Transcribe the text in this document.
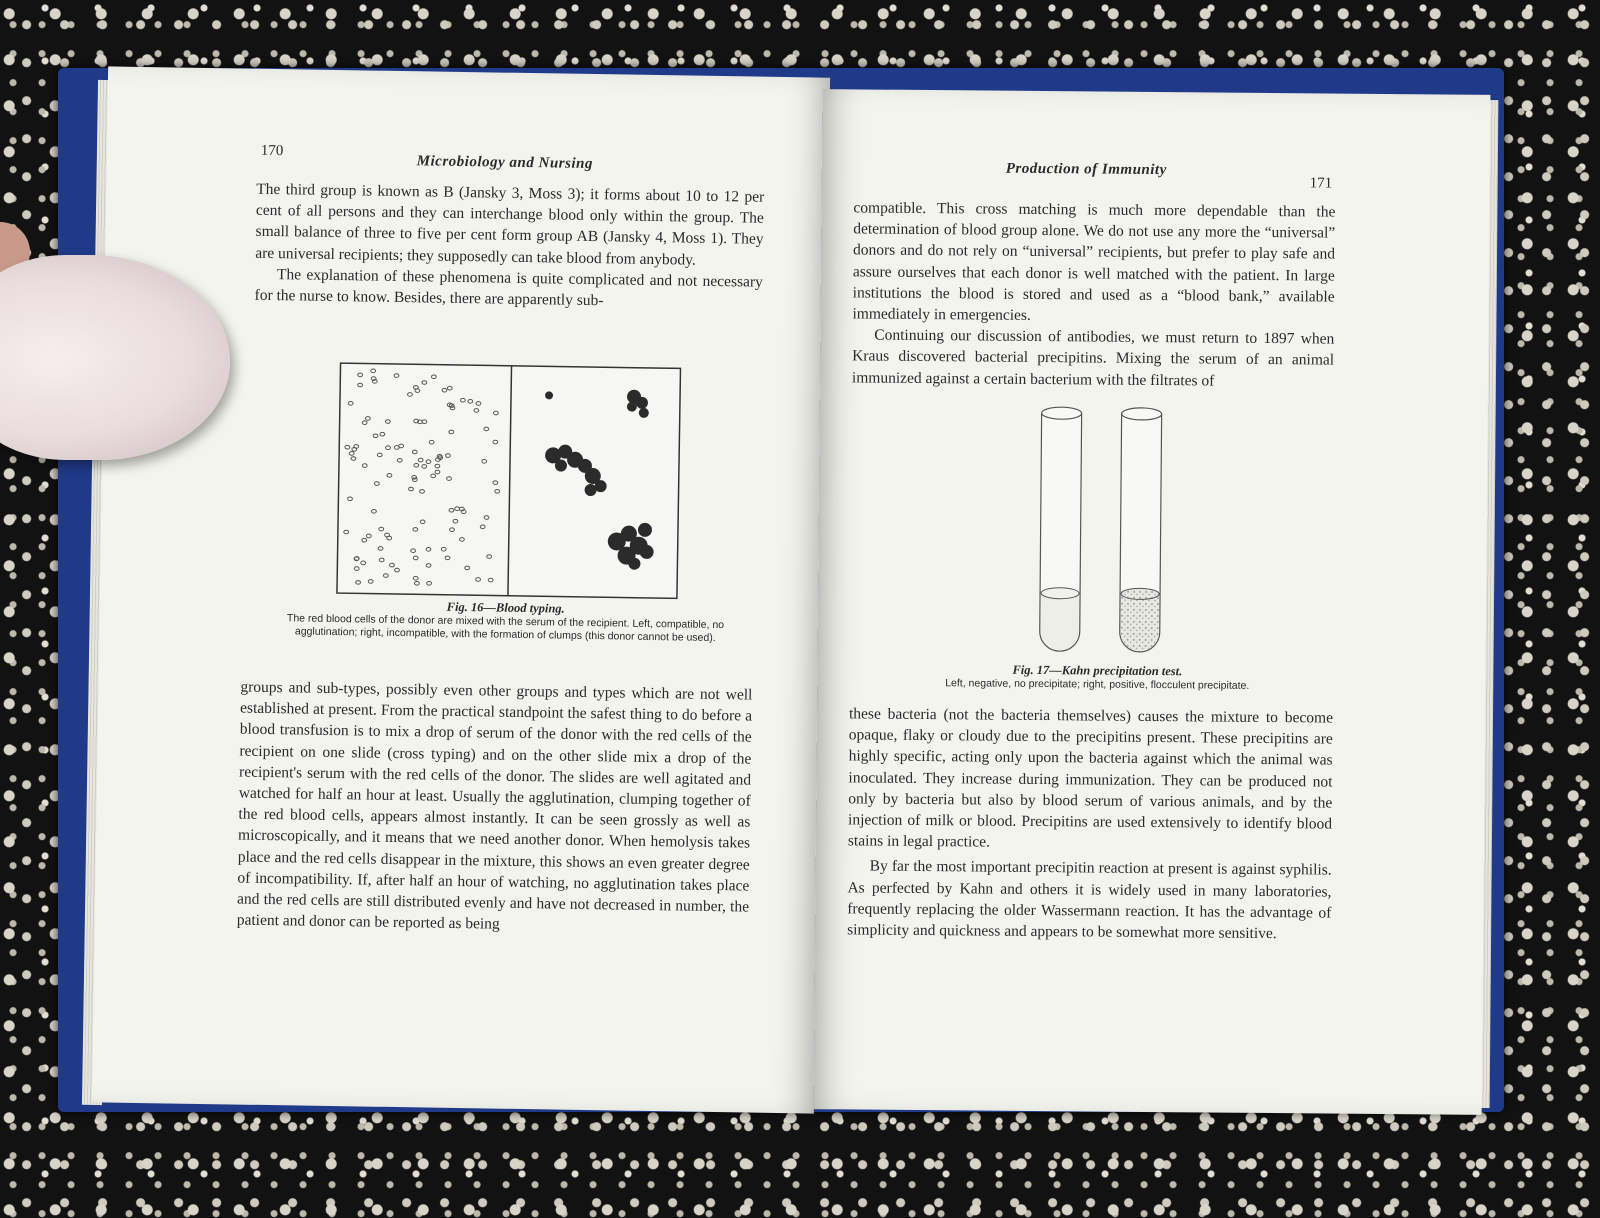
170
Microbiology and Nursing

The third group is known as B (Jansky 3, Moss 3); it forms about 10 to 12 per cent of all persons and they can interchange blood only within the group. The small balance of three to five per cent form group AB (Jansky 4, Moss 1). They are universal recipients; they supposedly can take blood from anybody.

The explanation of these phenomena is quite complicated and not necessary for the nurse to know. Besides, there are apparently sub-

Fig. 16—Blood typing.
The red blood cells of the donor are mixed with the serum of the recipient. Left, compatible, no agglutination; right, incompatible, with the formation of clumps (this donor cannot be used).

groups and sub-types, possibly even other groups and types which are not well established at present. From the practical standpoint the safest thing to do before a blood transfusion is to mix a drop of serum of the donor with the red cells of the recipient on one slide (cross typing) and on the other slide mix a drop of the recipient's serum with the red cells of the donor. The slides are well agitated and watched for half an hour at least. Usually the agglutination, clumping together of the red blood cells, appears almost instantly. It can be seen grossly as well as microscopically, and it means that we need another donor. When hemolysis takes place and the red cells disappear in the mixture, this shows an even greater degree of incompatibility. If, after half an hour of watching, no agglutination takes place and the red cells are still distributed evenly and have not decreased in number, the patient and donor can be reported as being

Production of Immunity
171

compatible. This cross matching is much more dependable than the determination of blood group alone. We do not use any more the “universal” donors and do not rely on “universal” recipients, but prefer to play safe and assure ourselves that each donor is well matched with the patient. In large institutions the blood is stored and used as a “blood bank,” available immediately in emergencies.

Continuing our discussion of antibodies, we must return to 1897 when Kraus discovered bacterial precipitins. Mixing the serum of an animal immunized against a certain bacterium with the filtrates of

Fig. 17—Kahn precipitation test.
Left, negative, no precipitate; right, positive, flocculent precipitate.

these bacteria (not the bacteria themselves) causes the mixture to become opaque, flaky or cloudy due to the precipitins present. These precipitins are highly specific, acting only upon the bacteria against which the animal was inoculated. They increase during immunization. They can be produced not only by bacteria but also by blood serum of various animals, and by the injection of milk or blood. Precipitins are used extensively to identify blood stains in legal practice.

By far the most important precipitin reaction at present is against syphilis. As perfected by Kahn and others it is widely used in many laboratories, frequently replacing the older Wassermann reaction. It has the advantage of simplicity and quickness and appears to be somewhat more sensitive.
